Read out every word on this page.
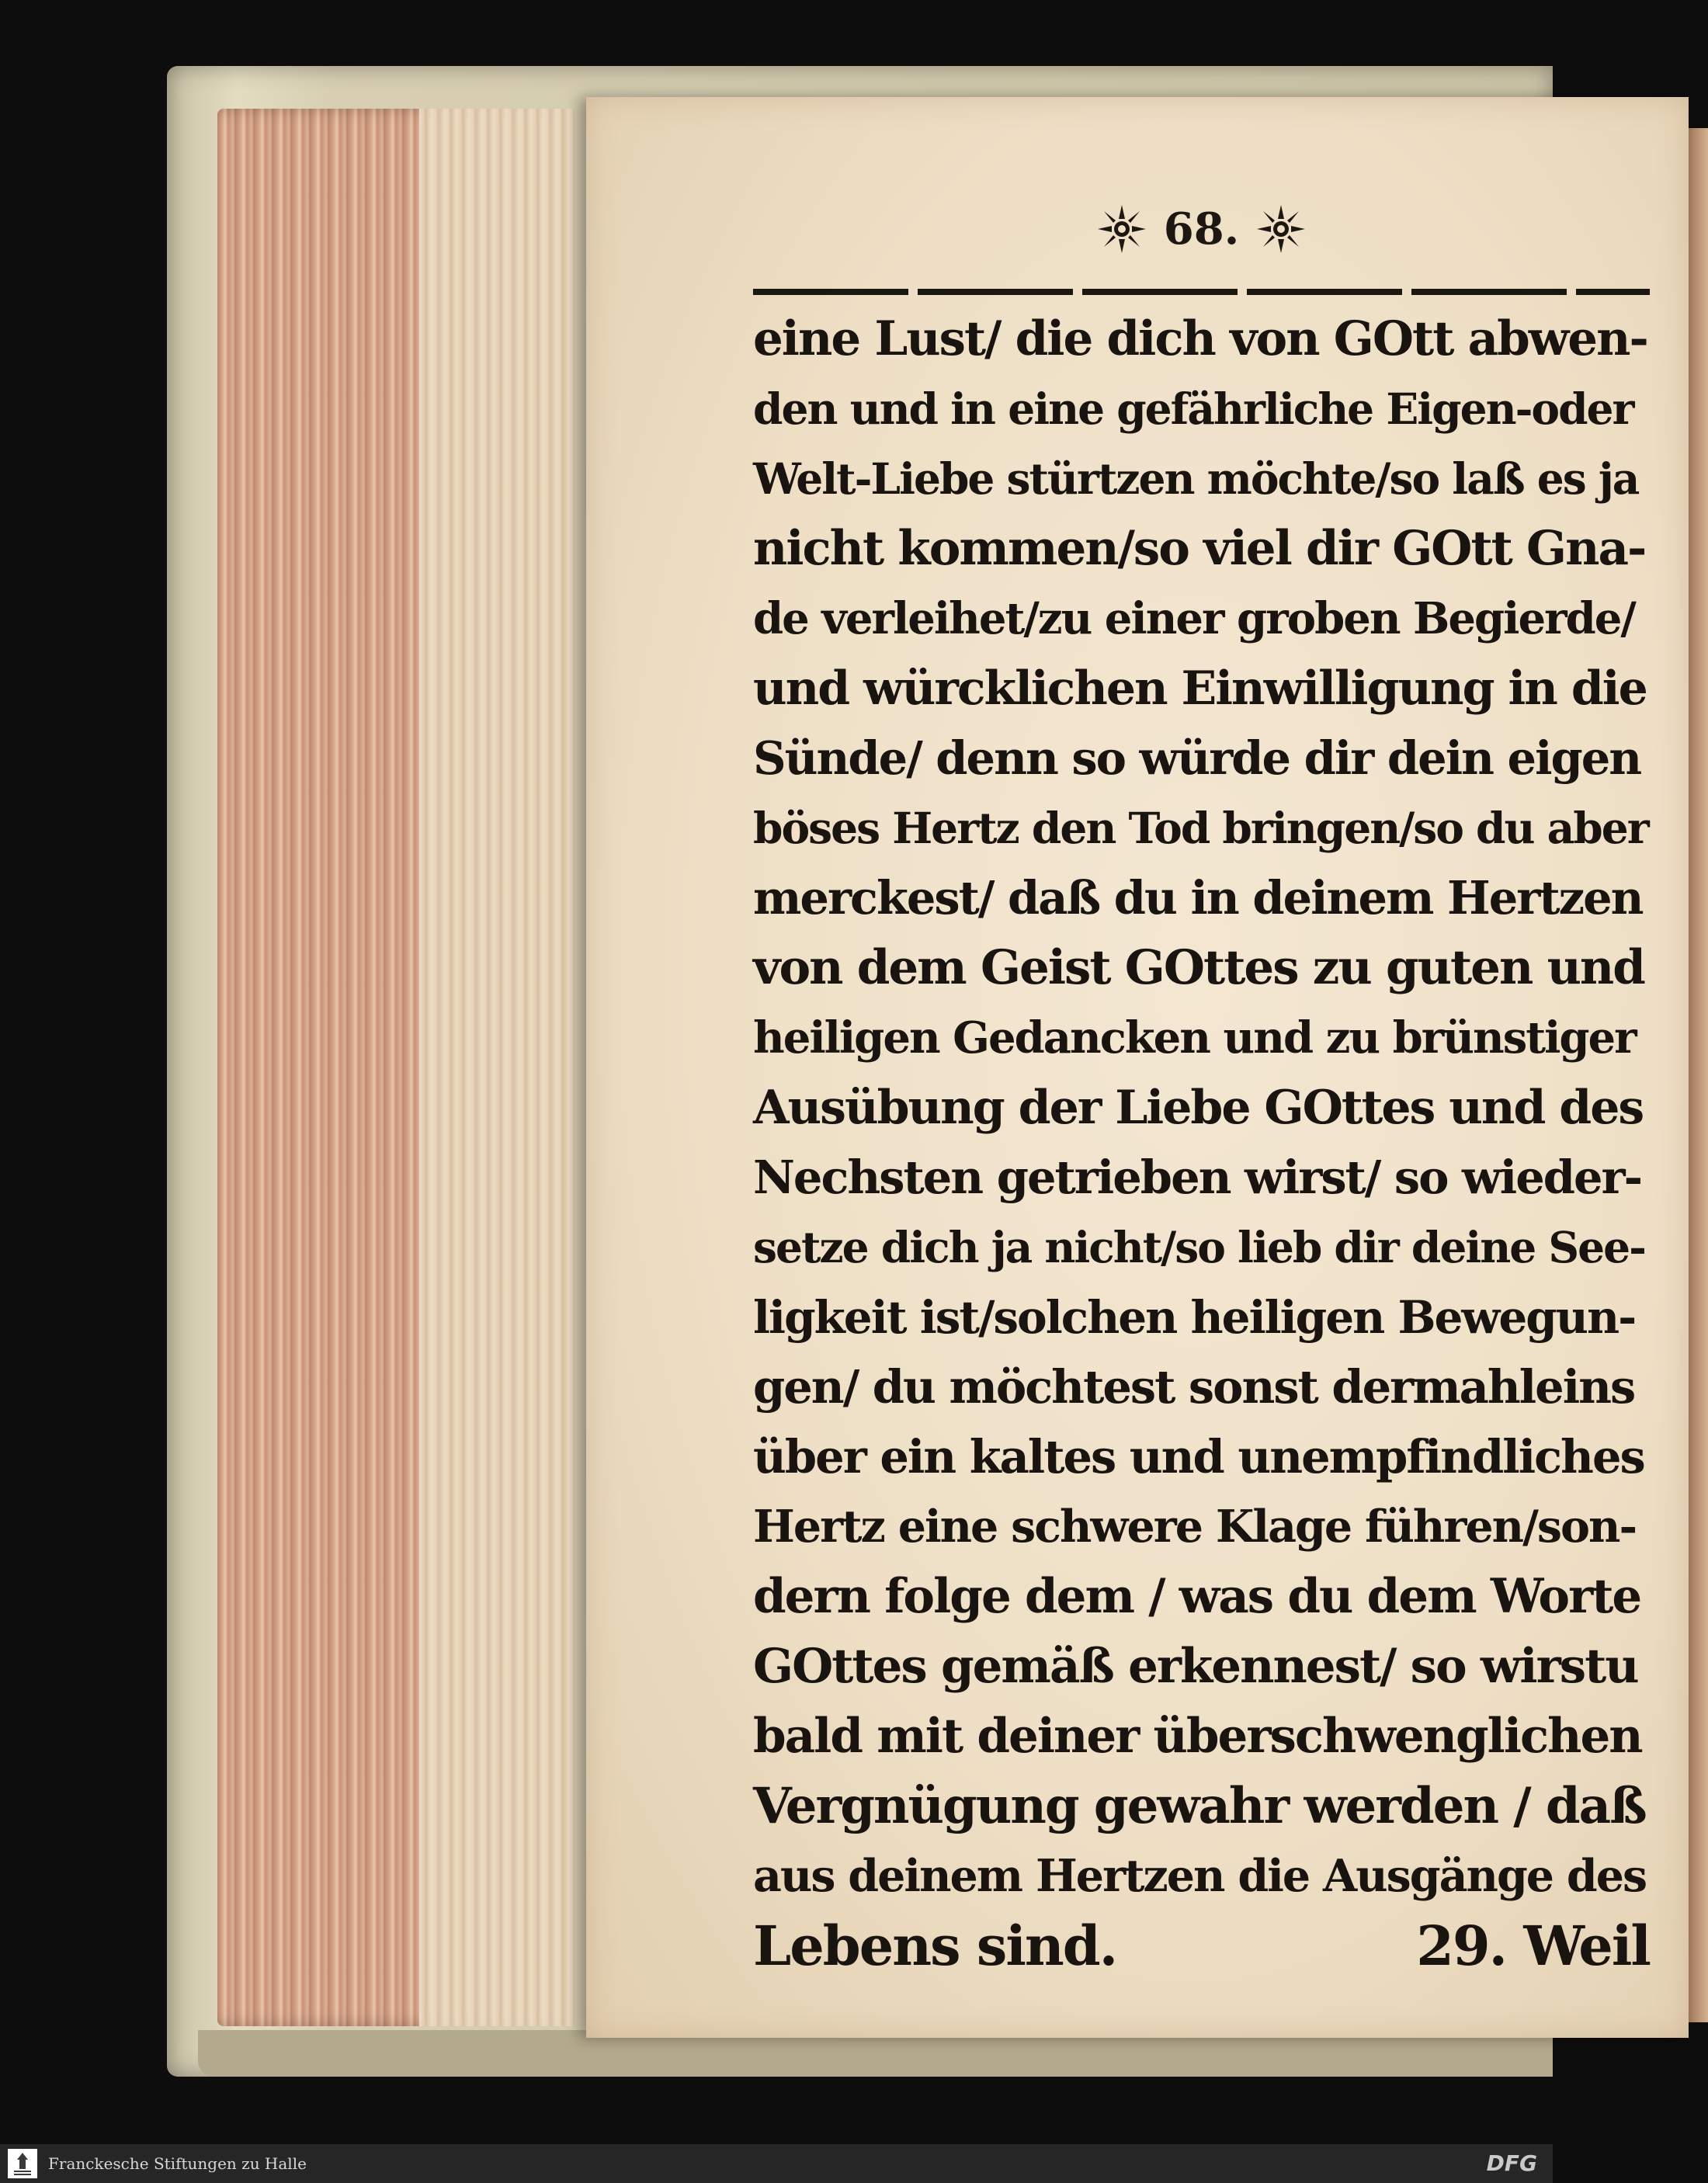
68.
eine Lust/ die dich von GOtt abwen-
den und in eine gefährliche Eigen-oder
Welt-Liebe stürtzen möchte/so laß es ja
nicht kommen/so viel dir GOtt Gna-
de verleihet/zu einer groben Begierde/
und würcklichen Einwilligung in die
Sünde/ denn so würde dir dein eigen
böses Hertz den Tod bringen/so du aber
merckest/ daß du in deinem Hertzen
von dem Geist GOttes zu guten und
heiligen Gedancken und zu brünstiger
Ausübung der Liebe GOttes und des
Nechsten getrieben wirst/ so wieder-
setze dich ja nicht/so lieb dir deine See-
ligkeit ist/solchen heiligen Bewegun-
gen/ du möchtest sonst dermahleins
über ein kaltes und unempfindliches
Hertz eine schwere Klage führen/son-
dern folge dem / was du dem Worte
GOttes gemäß erkennest/ so wirstu
bald mit deiner überschwenglichen
Vergnügung gewahr werden / daß
aus deinem Hertzen die Ausgänge des
Lebens sind.	29. Weil
Franckesche Stiftungen zu Halle	DFG
